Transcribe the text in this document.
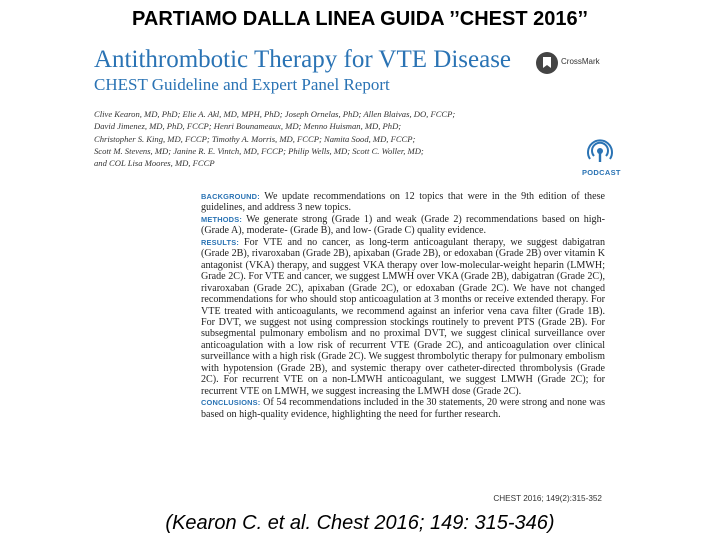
PARTIAMO DALLA LINEA GUIDA ’’CHEST 2016’’
Antithrombotic Therapy for VTE Disease
CHEST Guideline and Expert Panel Report
CrossMark
Clive Kearon, MD, PhD; Elie A. Akl, MD, MPH, PhD; Joseph Ornelas, PhD; Allen Blaivas, DO, FCCP;
David Jimenez, MD, PhD, FCCP; Henri Bounameaux, MD; Menno Huisman, MD, PhD;
Christopher S. King, MD, FCCP; Timothy A. Morris, MD, FCCP; Namita Sood, MD, FCCP;
Scott M. Stevens, MD; Janine R. E. Vintch, MD, FCCP; Philip Wells, MD; Scott C. Woller, MD;
and COL Lisa Moores, MD, FCCP
PODCAST

BACKGROUND: We update recommendations on 12 topics that were in the 9th edition of these guidelines, and address 3 new topics.

METHODS: We generate strong (Grade 1) and weak (Grade 2) recommendations based on high- (Grade A), moderate- (Grade B), and low- (Grade C) quality evidence.

RESULTS: For VTE and no cancer, as long-term anticoagulant therapy, we suggest dabigatran (Grade 2B), rivaroxaban (Grade 2B), apixaban (Grade 2B), or edoxaban (Grade 2B) over vitamin K antagonist (VKA) therapy, and suggest VKA therapy over low-molecular-weight heparin (LMWH; Grade 2C). For VTE and cancer, we suggest LMWH over VKA (Grade 2B), dabigatran (Grade 2C), rivaroxaban (Grade 2C), apixaban (Grade 2C), or edoxaban (Grade 2C). We have not changed recommendations for who should stop anticoagulation at 3 months or receive extended therapy. For VTE treated with anticoagulants, we recommend against an inferior vena cava filter (Grade 1B). For DVT, we suggest not using compression stockings routinely to prevent PTS (Grade 2B). For subsegmental pulmonary embolism and no proximal DVT, we suggest clinical surveillance over anticoagulation with a low risk of recurrent VTE (Grade 2C), and anticoagulation over clinical surveillance with a high risk (Grade 2C). We suggest thrombolytic therapy for pulmonary embolism with hypotension (Grade 2B), and systemic therapy over catheter-directed thrombolysis (Grade 2C). For recurrent VTE on a non-LMWH anticoagulant, we suggest LMWH (Grade 2C); for recurrent VTE on LMWH, we suggest increasing the LMWH dose (Grade 2C).

CONCLUSIONS: Of 54 recommendations included in the 30 statements, 20 were strong and none was based on high-quality evidence, highlighting the need for further research.

CHEST 2016; 149(2):315-352
(Kearon C. et al. Chest 2016; 149: 315-346)
